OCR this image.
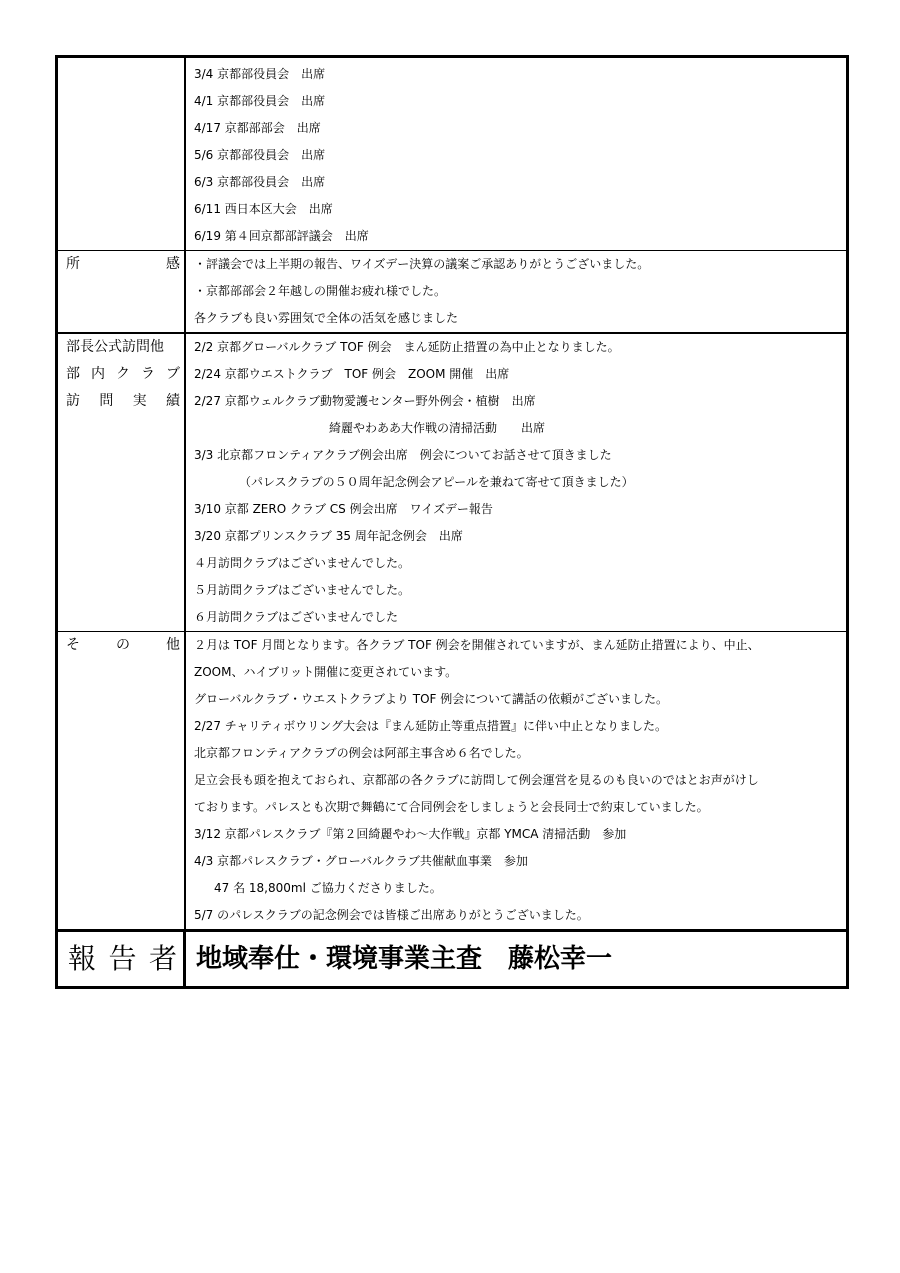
3/4 京都部役員会　出席
4/1 京都部役員会　出席
4/17 京都部部会　出席
5/6 京都部役員会　出席
6/3 京都部役員会　出席
6/11 西日本区大会　出席
6/19 第４回京都部評議会　出席
所	感 ・評議会では上半期の報告、ワイズデー決算の議案ご承認ありがとうございました。
・京都部部会２年越しの開催お疲れ様でした。
各クラブも良い雰囲気で全体の活気を感じました
部長公式訪問他
部 内 ク ラ ブ
訪 問 実 績
2/2 京都グローバルクラブ TOF 例会　まん延防止措置の為中止となりました。
2/24 京都ウエストクラブ　TOF 例会　ZOOM 開催　出席
2/27 京都ウェルクラブ動物愛護センター野外例会・植樹　出席
綺麗やわああ大作戦の清掃活動　　出席
3/3 北京都フロンティアクラブ例会出席　例会についてお話させて頂きました
（パレスクラブの５０周年記念例会アピールを兼ねて寄せて頂きました）
3/10 京都 ZERO クラブ CS 例会出席　ワイズデー報告
3/20 京都プリンスクラブ 35 周年記念例会　出席
４月訪問クラブはございませんでした。
５月訪問クラブはございませんでした。
６月訪問クラブはございませんでした
そ	の	他 ２月は TOF 月間となります。各クラブ TOF 例会を開催されていますが、まん延防止措置により、中止、
ZOOM、ハイブリット開催に変更されています。
グローバルクラブ・ウエストクラブより TOF 例会について講話の依頼がございました。
2/27 チャリティボウリング大会は『まん延防止等重点措置』に伴い中止となりました。
北京都フロンティアクラブの例会は阿部主事含め６名でした。
足立会長も頭を抱えておられ、京都部の各クラブに訪問して例会運営を見るのも良いのではとお声がけし
ております。パレスとも次期で舞鶴にて合同例会をしましょうと会長同士で約束していました。
3/12 京都パレスクラブ『第２回綺麗やわ～大作戦』京都 YMCA 清掃活動　参加
4/3 京都パレスクラブ・グローバルクラブ共催献血事業　参加
47 名 18,800ml ご協力くださりました。
5/7 のパレスクラブの記念例会では皆様ご出席ありがとうございました。
報 告 者 地域奉仕・環境事業主査　藤松幸一
